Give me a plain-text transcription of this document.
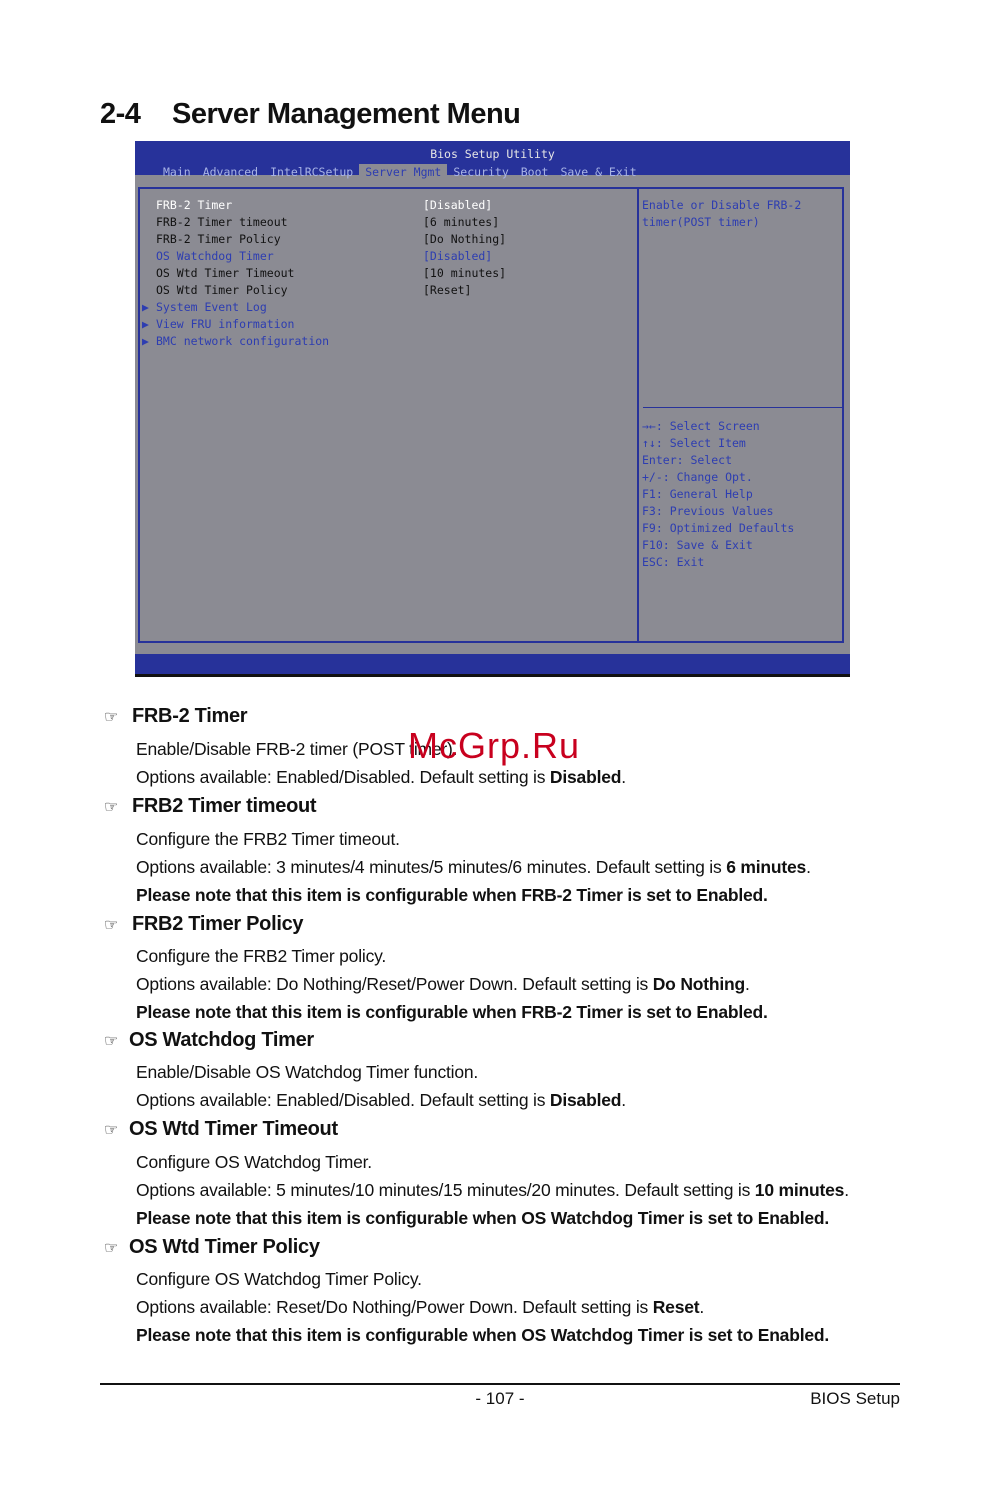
2-4 Server Management Menu
Bios Setup Utility
Main	Advanced	IntelRCSetup	Server Mgmt	Security	Boot	Save & Exit
FRB-2 Timer	[Disabled]
FRB-2 Timer timeout	[6 minutes]
FRB-2 Timer Policy	[Do Nothing]
OS Watchdog Timer	[Disabled]
OS Wtd Timer Timeout	[10 minutes]
OS Wtd Timer Policy	[Reset]
▶ System Event Log
▶ View FRU information
▶ BMC network configuration
Enable or Disable FRB-2
timer(POST timer)
→←: Select Screen
↑↓: Select Item
Enter: Select
+/-: Change Opt.
F1: General Help
F3: Previous Values
F9: Optimized Defaults
F10: Save & Exit
ESC: Exit
☞ FRB-2 Timer
Enable/Disable FRB-2 timer (POST timer).
Options available: Enabled/Disabled. Default setting is Disabled.
☞ FRB2 Timer timeout
Configure the FRB2 Timer timeout.
Options available: 3 minutes/4 minutes/5 minutes/6 minutes. Default setting is 6 minutes.
Please note that this item is configurable when FRB-2 Timer is set to Enabled.
☞ FRB2 Timer Policy
Configure the FRB2 Timer policy.
Options available: Do Nothing/Reset/Power Down. Default setting is Do Nothing.
Please note that this item is configurable when FRB-2 Timer is set to Enabled.
☞ OS Watchdog Timer
Enable/Disable OS Watchdog Timer function.
Options available: Enabled/Disabled. Default setting is Disabled.
☞ OS Wtd Timer Timeout
Configure OS Watchdog Timer.
Options available: 5 minutes/10 minutes/15 minutes/20 minutes. Default setting is 10 minutes.
Please note that this item is configurable when OS Watchdog Timer is set to Enabled.
☞ OS Wtd Timer Policy
Configure OS Watchdog Timer Policy.
Options available: Reset/Do Nothing/Power Down. Default setting is Reset.
Please note that this item is configurable when OS Watchdog Timer is set to Enabled.
McGrp.Ru
- 107 -	BIOS Setup
